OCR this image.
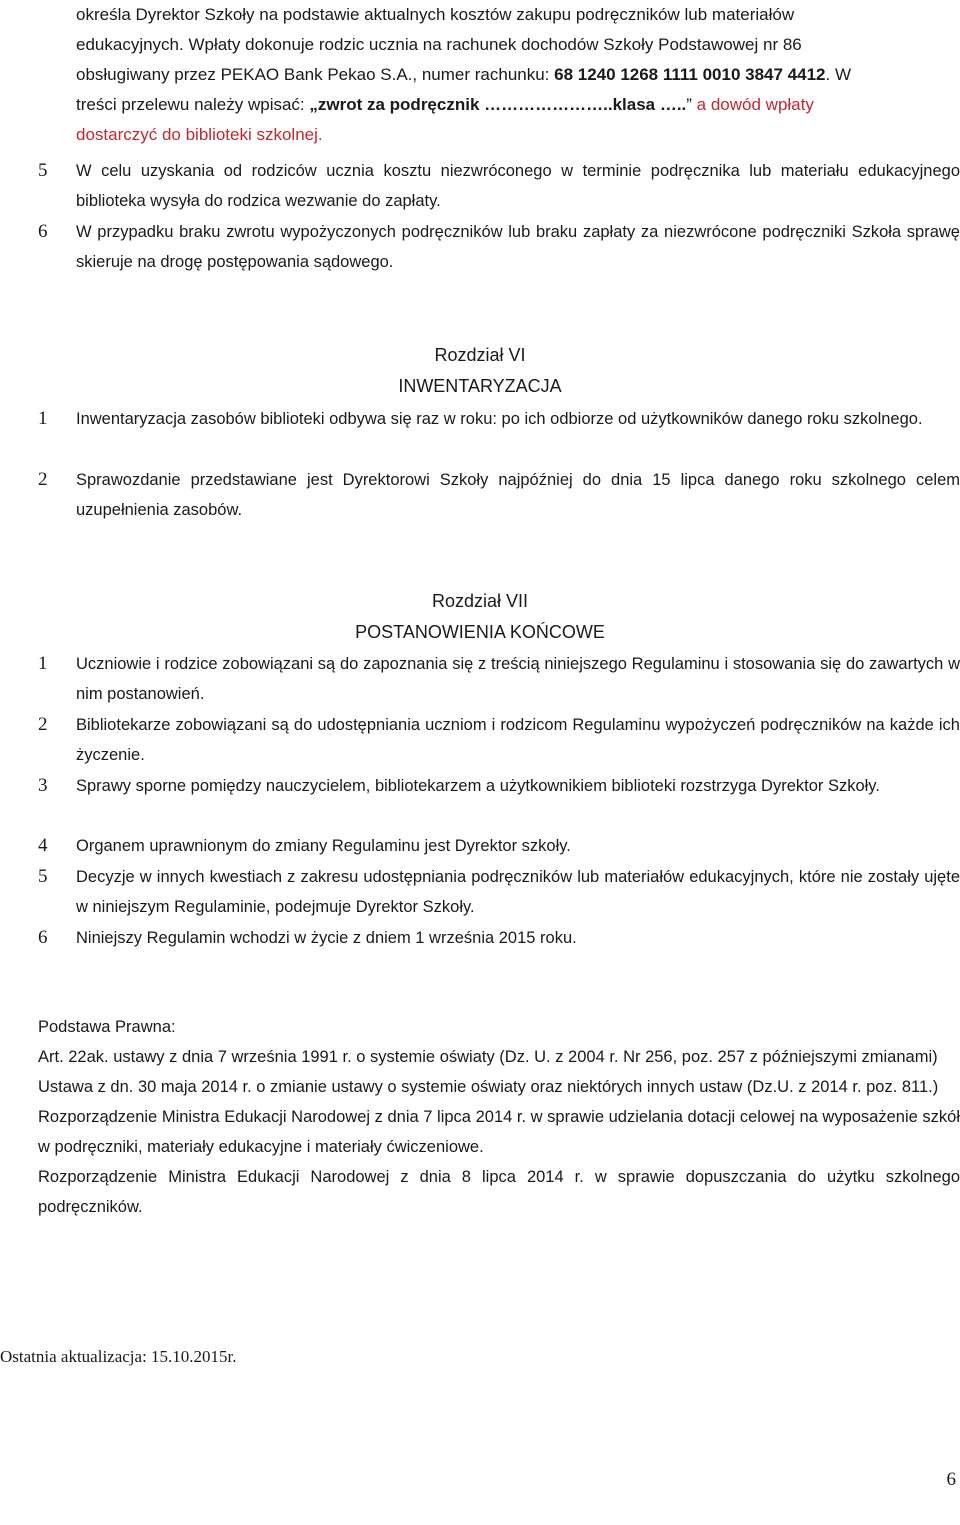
określa Dyrektor Szkoły na podstawie aktualnych kosztów zakupu podręczników lub materiałów
edukacyjnych. Wpłaty dokonuje rodzic ucznia na rachunek dochodów Szkoły Podstawowej nr 86
obsługiwany przez PEKAO Bank Pekao S.A., numer rachunku: 68 1240 1268 1111 0010 3847 4412. W
treści przelewu należy wpisać: „zwrot za podręcznik …………………..klasa …..” a dowód wpłaty
dostarczyć do biblioteki szkolnej.
5	W celu uzyskania od rodziców ucznia kosztu niezwróconego w terminie podręcznika lub materiału edukacyjnego biblioteka wysyła do rodzica wezwanie do zapłaty.
6	W przypadku braku zwrotu wypożyczonych podręczników lub braku zapłaty za niezwrócone podręczniki Szkoła sprawę skieruje na drogę postępowania sądowego.
Rozdział VI
INWENTARYZACJA
1	Inwentaryzacja zasobów biblioteki odbywa się raz w roku: po ich odbiorze od użytkowników danego roku szkolnego.
2	Sprawozdanie przedstawiane jest Dyrektorowi Szkoły najpóźniej do dnia 15 lipca danego roku szkolnego celem uzupełnienia zasobów.
Rozdział VII
POSTANOWIENIA KOŃCOWE
1	Uczniowie i rodzice zobowiązani są do zapoznania się z treścią niniejszego Regulaminu i stosowania się do zawartych w nim postanowień.
2	Bibliotekarze zobowiązani są do udostępniania uczniom i rodzicom Regulaminu wypożyczeń podręczników na każde ich życzenie.
3	Sprawy sporne pomiędzy nauczycielem, bibliotekarzem a użytkownikiem biblioteki rozstrzyga Dyrektor Szkoły.
4	Organem uprawnionym do zmiany Regulaminu jest Dyrektor szkoły.
5	Decyzje w innych kwestiach z zakresu udostępniania podręczników lub materiałów edukacyjnych, które nie zostały ujęte w niniejszym Regulaminie, podejmuje Dyrektor Szkoły.
6	Niniejszy Regulamin wchodzi w życie z dniem 1 września 2015 roku.

Podstawa Prawna:

Art. 22ak. ustawy z dnia 7 września 1991 r. o systemie oświaty (Dz. U. z 2004 r. Nr 256, poz. 257 z późniejszymi zmianami)

Ustawa z dn. 30 maja 2014 r. o zmianie ustawy o systemie oświaty oraz niektórych innych ustaw (Dz.U. z 2014 r. poz. 811.)

Rozporządzenie Ministra Edukacji Narodowej z dnia 7 lipca 2014 r. w sprawie udzielania dotacji celowej na wyposażenie szkół w podręczniki, materiały edukacyjne i materiały ćwiczeniowe.

Rozporządzenie Ministra Edukacji Narodowej z dnia 8 lipca 2014 r. w sprawie dopuszczania do użytku szkolnego podręczników.

Ostatnia aktualizacja: 15.10.2015r.
6
